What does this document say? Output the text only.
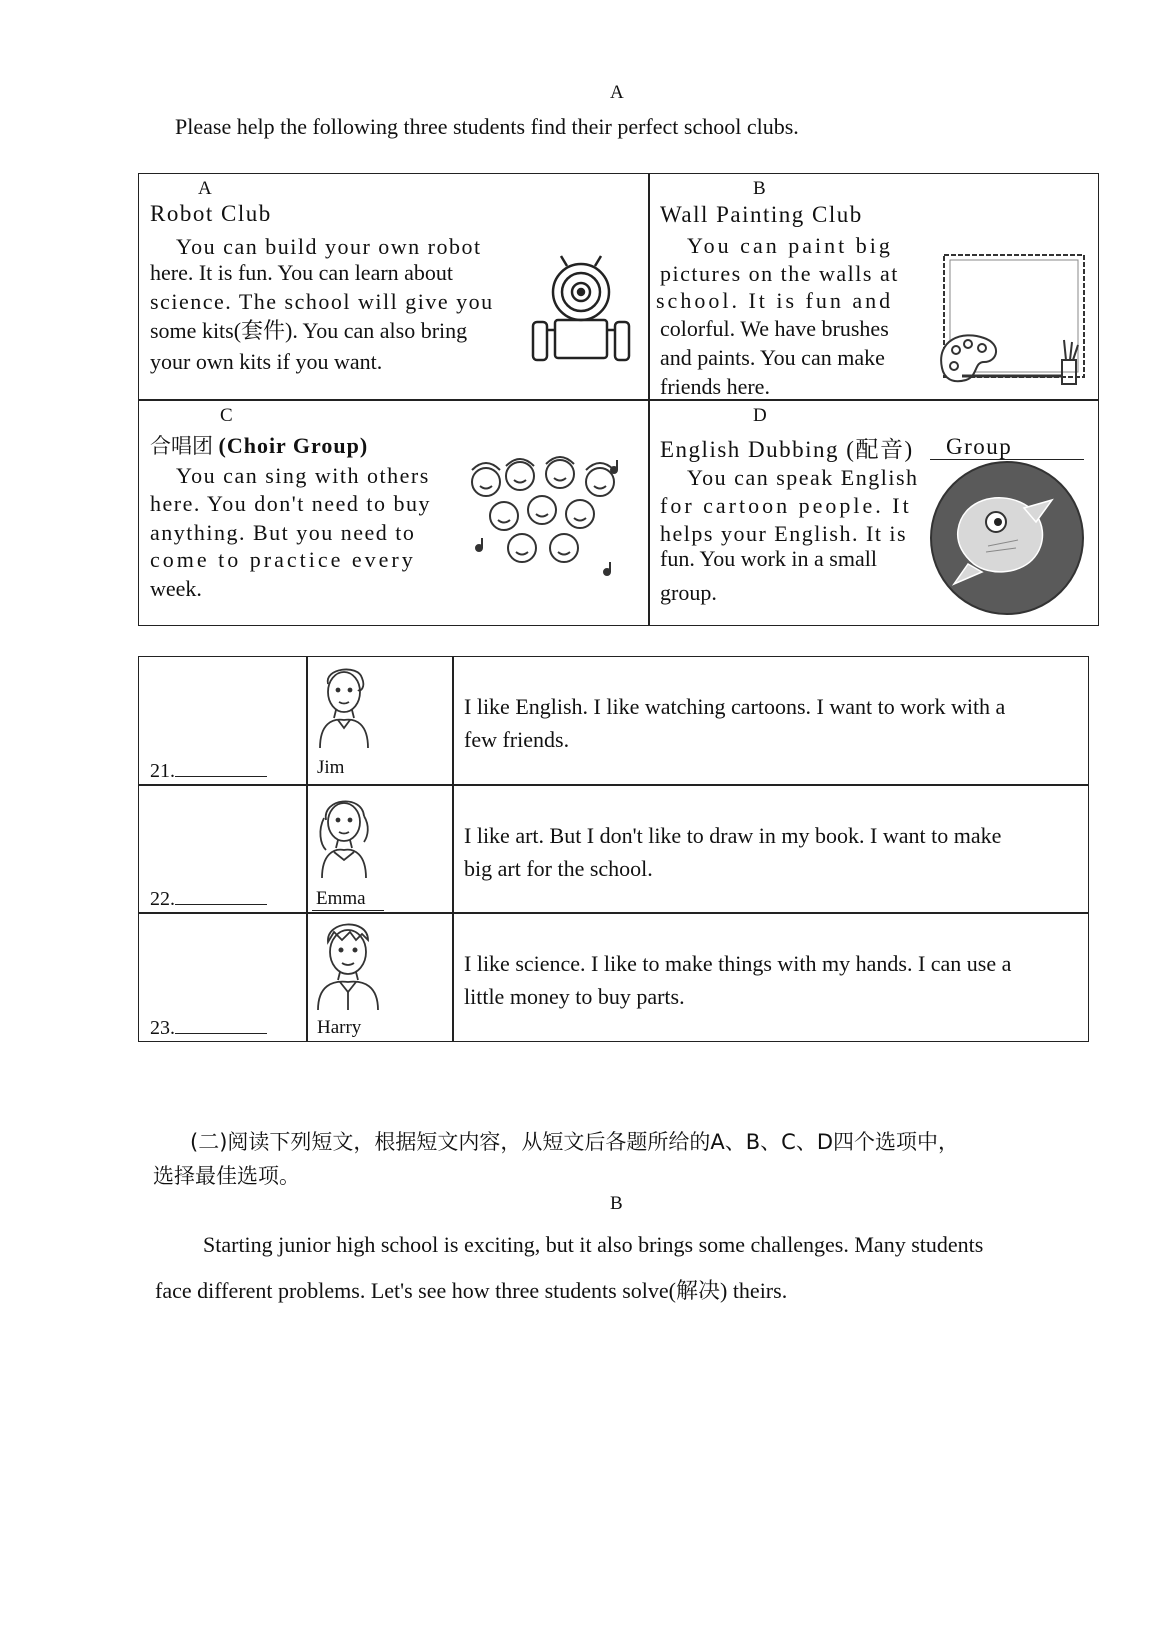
A
Please help the following three students find their perfect school clubs.
A
Robot Club
You can build your own robot
here. It is fun. You can learn about
science. The school will give you
some kits(套件). You can also bring
your own kits if you want.
B
Wall Painting Club
You can paint big
pictures on the walls at
school. It is fun and
colorful. We have brushes
and paints. You can make
friends here.
C
合唱团 (Choir Group)
You can sing with others
here. You don't need to buy
anything. But you need to
come to practice every
week.
D
English Dubbing (配音) Group
You can speak English
for cartoon people. It
helps your English. It is
fun. You work in a small
group.
21.	Jim
I like English. I like watching cartoons. I want to work with a
few friends.
22.	Emma
I like art. But I don't like to draw in my book. I want to make
big art for the school.
23.	Harry
I like science. I like to make things with my hands. I can use a
little money to buy parts.
(二)阅读下列短文，根据短文内容，从短文后各题所给的A、B、C、D四个选项中，
选择最佳选项。
B
Starting junior high school is exciting, but it also brings some challenges. Many students
face different problems. Let's see how three students solve(解决) theirs.
